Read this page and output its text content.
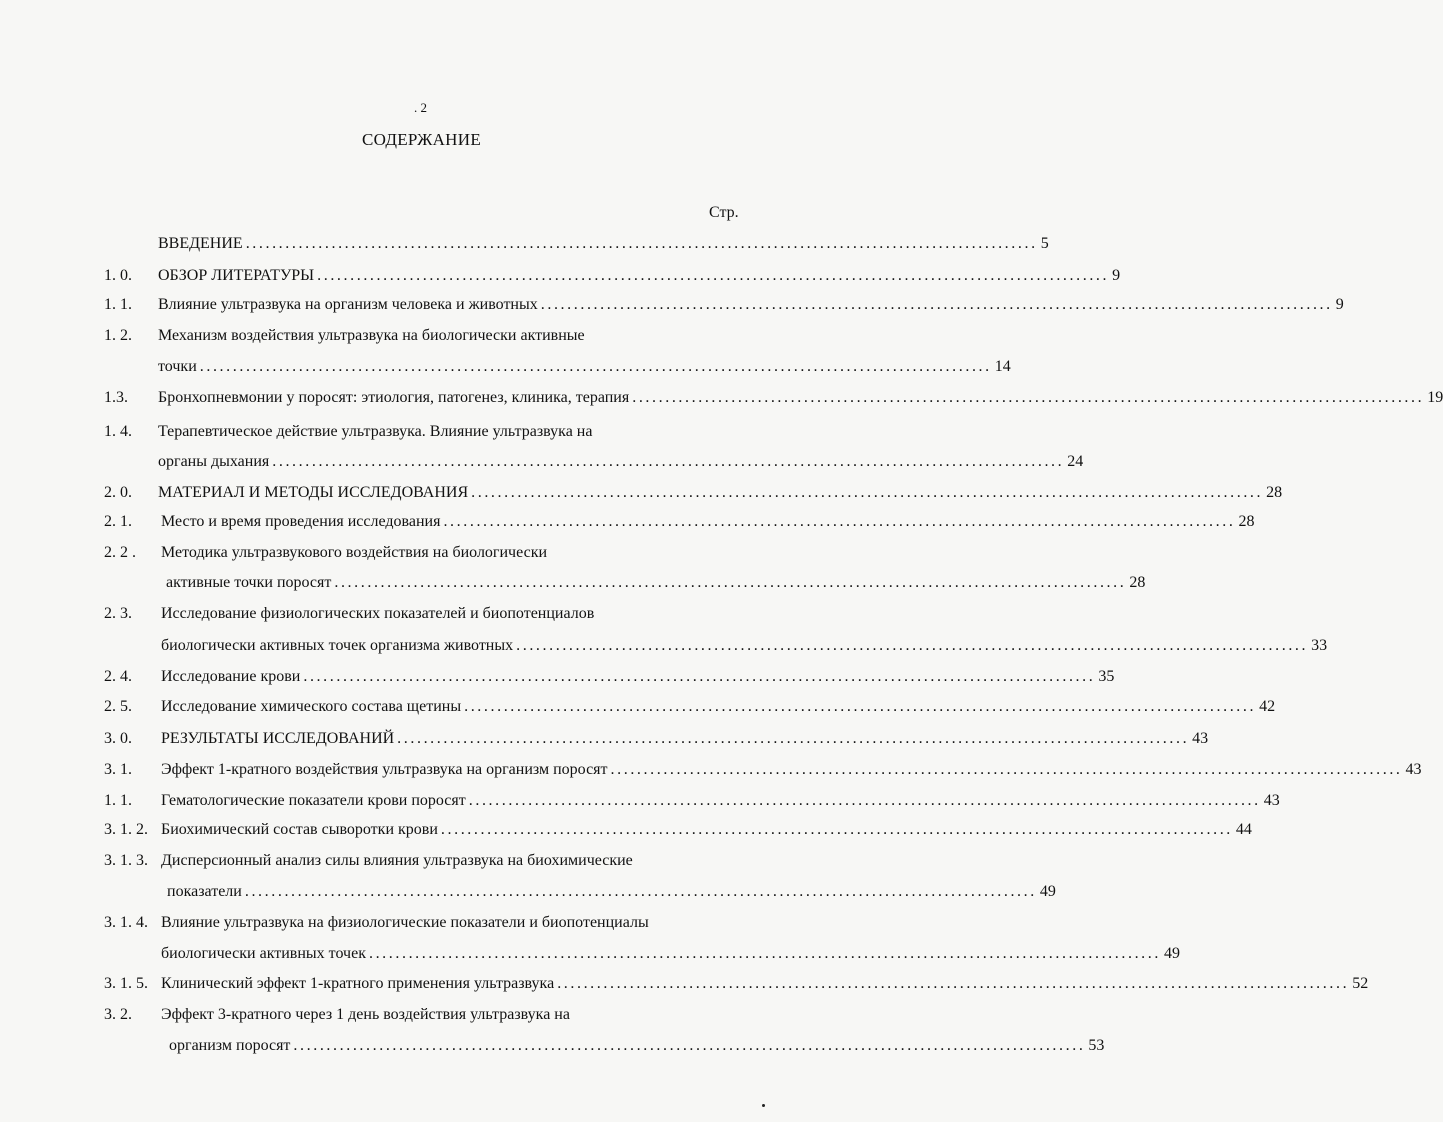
. 2
СОДЕРЖАНИЕ
Стр.
ВВЕДЕНИЕ ........................................................................................................................ 5
1. 0. ОБЗОР ЛИТЕРАТУРЫ ........................................................................................................................ 9
1. 1. Влияние ультразвука на организм человека и животных ........................................................................................................................ 9
1. 2. Механизм воздействия ультразвука на биологически активные
точки ........................................................................................................................ 14
1.3. Бронхопневмонии у поросят: этиология, патогенез, клиника, терапия ........................................................................................................................ 19
1. 4. Терапевтическое действие ультразвука. Влияние ультразвука на
органы дыхания ........................................................................................................................ 24
2. 0. МАТЕРИАЛ И МЕТОДЫ ИССЛЕДОВАНИЯ ........................................................................................................................ 28
2. 1. Место и время проведения исследования ........................................................................................................................ 28
2. 2 . Методика ультразвукового воздействия на биологически
активные точки поросят ........................................................................................................................ 28
2. 3. Исследование физиологических показателей и биопотенциалов
биологически активных точек организма животных ........................................................................................................................ 33
2. 4. Исследование крови ........................................................................................................................ 35
2. 5. Исследование химического состава щетины ........................................................................................................................ 42
3. 0. РЕЗУЛЬТАТЫ ИССЛЕДОВАНИЙ ........................................................................................................................ 43
3. 1. Эффект 1-кратного воздействия ультразвука на организм поросят ........................................................................................................................ 43
1. 1. Гематологические показатели крови поросят ........................................................................................................................ 43
3. 1. 2. Биохимический состав сыворотки крови ........................................................................................................................ 44
3. 1. 3. Дисперсионный анализ силы влияния ультразвука на биохимические
показатели ........................................................................................................................ 49
3. 1. 4. Влияние ультразвука на физиологические показатели и биопотенциалы
биологически активных точек ........................................................................................................................ 49
3. 1. 5. Клинический эффект 1-кратного применения ультразвука ........................................................................................................................ 52
3. 2. Эффект 3-кратного через 1 день воздействия ультразвука на
организм поросят ........................................................................................................................ 53
